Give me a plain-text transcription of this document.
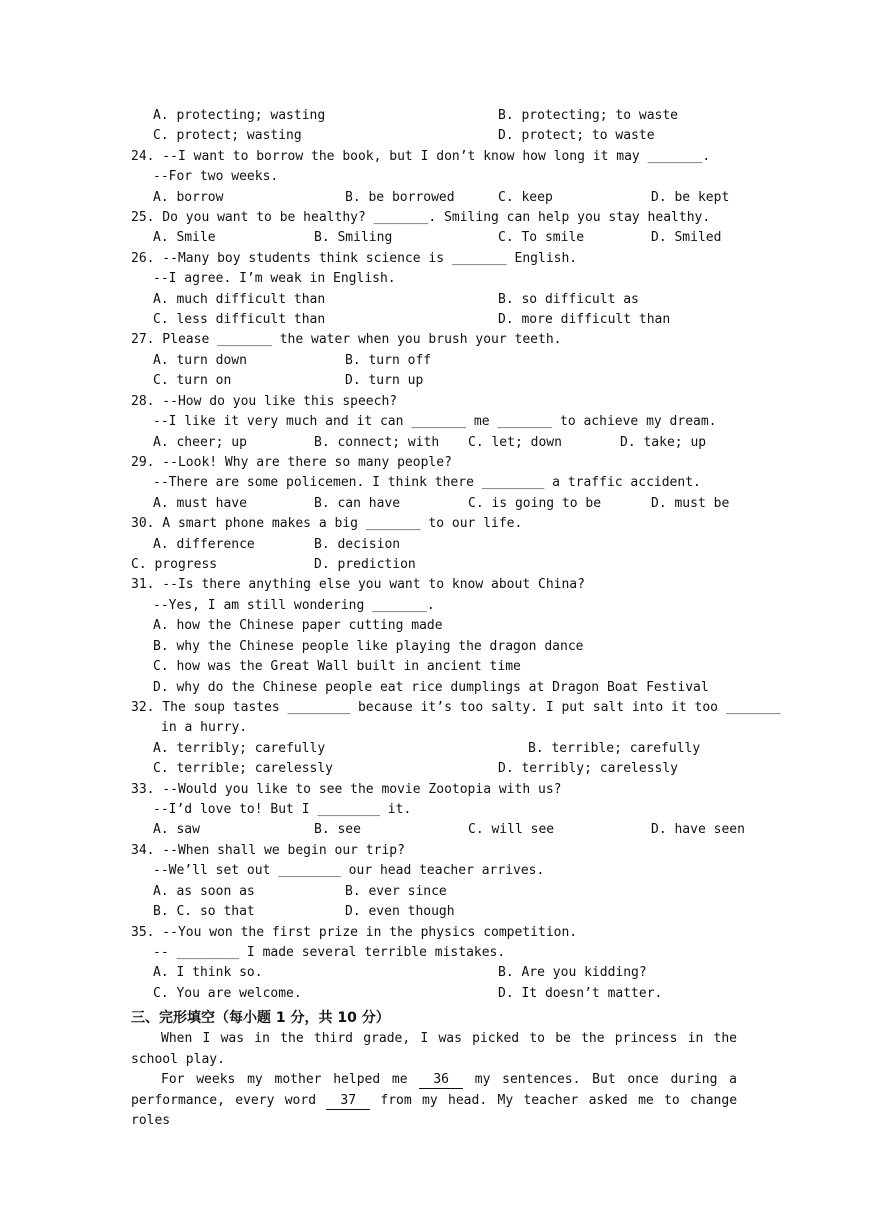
A. protecting; wasting	B. protecting; to waste
C. protect; wasting	D. protect; to waste
24. --I want to borrow the book, but I don’t know how long it may _______.
--For two weeks.
A. borrow	B. be borrowed	C. keep	D. be kept
25. Do you want to be healthy? _______. Smiling can help you stay healthy.
A. Smile	B. Smiling	C. To smile	D. Smiled
26. --Many boy students think science is _______ English.
--I agree. I’m weak in English.
A. much difficult than	B. so difficult as
C. less difficult than	D. more difficult than
27. Please _______ the water when you brush your teeth.
A. turn down	B. turn off
C. turn on	D. turn up
28. --How do you like this speech?
--I like it very much and it can _______ me _______ to achieve my dream.
A. cheer; up	B. connect; with C. let; down	D. take; up
29. --Look! Why are there so many people?
--There are some policemen. I think there ________ a traffic accident.
A. must have	B. can have	C. is going to be	D. must be
30. A smart phone makes a big _______ to our life.
A. difference	B. decision
C. progress	D. prediction
31. --Is there anything else you want to know about China?
--Yes, I am still wondering _______.
A. how the Chinese paper cutting made
B. why the Chinese people like playing the dragon dance
C. how was the Great Wall built in ancient time
D. why do the Chinese people eat rice dumplings at Dragon Boat Festival
32. The soup tastes ________ because it’s too salty. I put salt into it too _______
in a hurry.
A. terribly; carefully	B. terrible; carefully
C. terrible; carelessly	D. terribly; carelessly
33. --Would you like to see the movie Zootopia with us?
--I’d love to! But I ________ it.
A. saw	B. see	C. will see	D. have seen
34. --When shall we begin our trip?
--We’ll set out ________ our head teacher arrives.
A. as soon as	B. ever since
B. C. so that	D. even though
35. --You won the first prize in the physics competition.
-- ________ I made several terrible mistakes.
A. I think so.	B. Are you kidding?
C. You are welcome.	D. It doesn’t matter.
三、完形填空（每小题 1 分，共 10 分）
When I was in the third grade, I was picked to be the princess in the school play.
For weeks my mother helped me 36 my sentences. But once during a performance, every word 37 from my head. My teacher asked me to change roles
